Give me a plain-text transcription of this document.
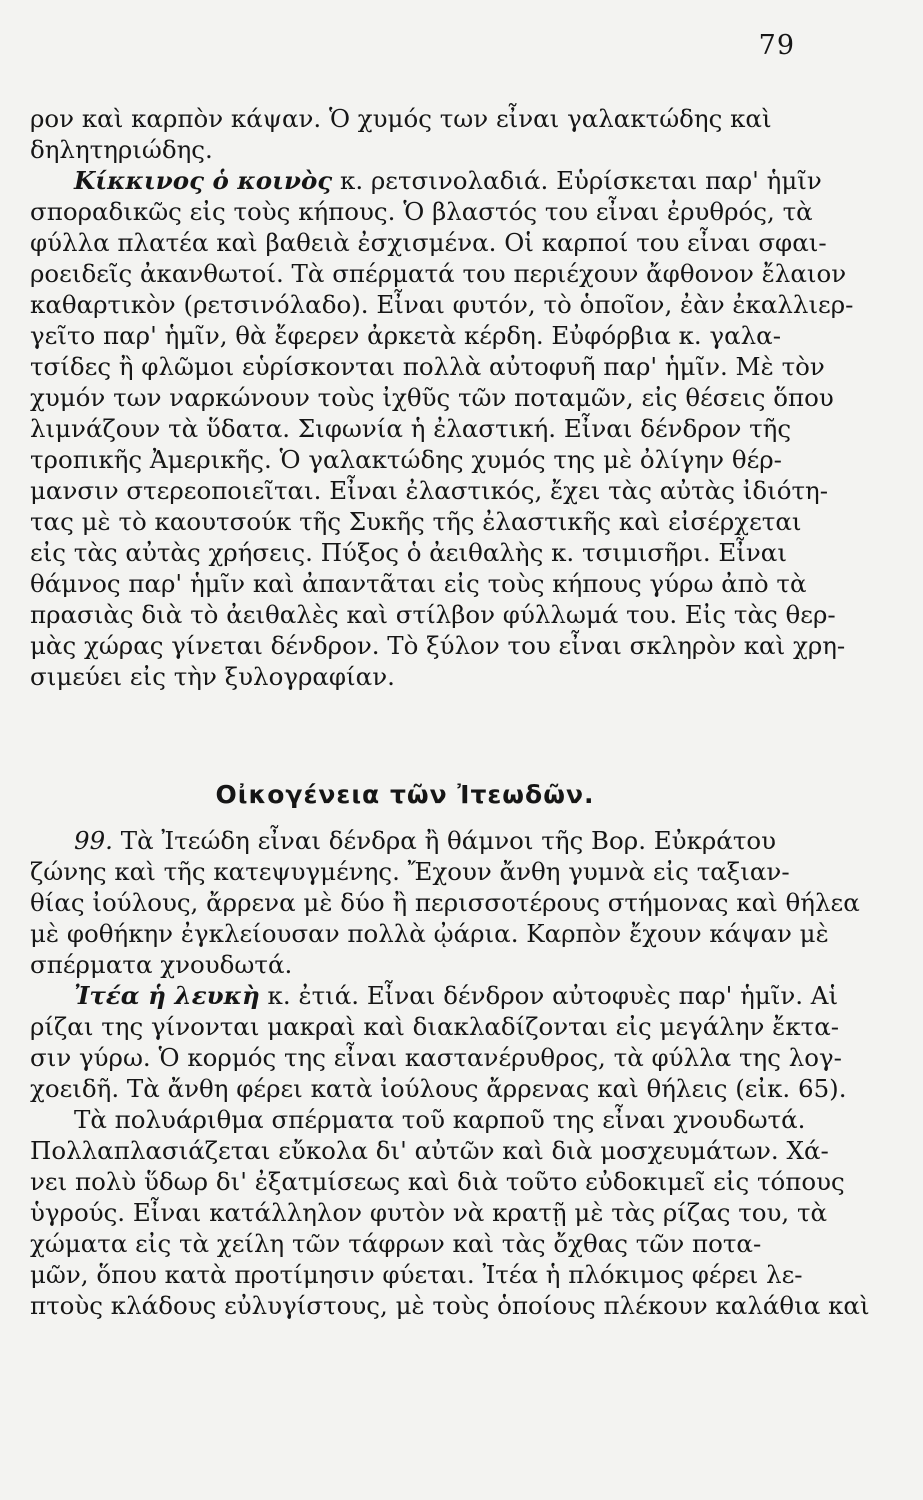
79
ρον καὶ καρπὸν κάψαν. Ὁ χυμός των εἶναι γαλακτώδης καὶ
δηλητηριώδης.
Κίκκινος ὁ κοινὸς κ. ρετσινολαδιά. Εὑρίσκεται παρ' ἡμῖν
σποραδικῶς εἰς τοὺς κήπους. Ὁ βλαστός του εἶναι ἐρυθρός, τὰ
φύλλα πλατέα καὶ βαθειὰ ἐσχισμένα. Οἱ καρποί του εἶναι σφαι-
ροειδεῖς ἀκανθωτοί. Τὰ σπέρματά του περιέχουν ἄφθονον ἔλαιον
καθαρτικὸν (ρετσινόλαδο). Εἶναι φυτόν, τὸ ὁποῖον, ἐὰν ἐκαλλιερ-
γεῖτο παρ' ἡμῖν, θὰ ἔφερεν ἀρκετὰ κέρδη. Εὐφόρβια κ. γαλα-
τσίδες ἢ φλῶμοι εὑρίσκονται πολλὰ αὐτοφυῆ παρ' ἡμῖν. Μὲ τὸν
χυμόν των ναρκώνουν τοὺς ἰχθῦς τῶν ποταμῶν, εἰς θέσεις ὅπου
λιμνάζουν τὰ ὕδατα. Σιφωνία ἡ ἐλαστική. Εἶναι δένδρον τῆς
τροπικῆς Ἀμερικῆς. Ὁ γαλακτώδης χυμός της μὲ ὀλίγην θέρ-
μανσιν στερεοποιεῖται. Εἶναι ἐλαστικός, ἔχει τὰς αὐτὰς ἰδιότη-
τας μὲ τὸ καουτσούκ τῆς Συκῆς τῆς ἐλαστικῆς καὶ εἰσέρχεται
εἰς τὰς αὐτὰς χρήσεις. Πύξος ὁ ἀειθαλὴς κ. τσιμισῆρι. Εἶναι
θάμνος παρ' ἡμῖν καὶ ἀπαντᾶται εἰς τοὺς κήπους γύρω ἀπὸ τὰ
πρασιὰς διὰ τὸ ἀειθαλὲς καὶ στίλβον φύλλωμά του. Εἰς τὰς θερ-
μὰς χώρας γίνεται δένδρον. Τὸ ξύλον του εἶναι σκληρὸν καὶ χρη-
σιμεύει εἰς τὴν ξυλογραφίαν.
Οἰκογένεια τῶν Ἰτεωδῶν.
99. Τὰ Ἰτεώδη εἶναι δένδρα ἢ θάμνοι τῆς Βορ. Εὐκράτου
ζώνης καὶ τῆς κατεψυγμένης. Ἔχουν ἄνθη γυμνὰ εἰς ταξιαν-
θίας ἰούλους, ἄρρενα μὲ δύο ἢ περισσοτέρους στήμονας καὶ θήλεα
μὲ φοθήκην ἐγκλείουσαν πολλὰ ᾠάρια. Καρπὸν ἔχουν κάψαν μὲ
σπέρματα χνουδωτά.
Ἰτέα ἡ λευκὴ κ. ἐτιά. Εἶναι δένδρον αὐτοφυὲς παρ' ἡμῖν. Αἱ
ρίζαι της γίνονται μακραὶ καὶ διακλαδίζονται εἰς μεγάλην ἔκτα-
σιν γύρω. Ὁ κορμός της εἶναι καστανέρυθρος, τὰ φύλλα της λογ-
χοειδῆ. Τὰ ἄνθη φέρει κατὰ ἰούλους ἄρρενας καὶ θήλεις (εἰκ. 65).
Τὰ πολυάριθμα σπέρματα τοῦ καρποῦ της εἶναι χνουδωτά.
Πολλαπλασιάζεται εὔκολα δι' αὐτῶν καὶ διὰ μοσχευμάτων. Χά-
νει πολὺ ὕδωρ δι' ἐξατμίσεως καὶ διὰ τοῦτο εὐδοκιμεῖ εἰς τόπους
ὑγρούς. Εἶναι κατάλληλον φυτὸν νὰ κρατῇ μὲ τὰς ρίζας του, τὰ
χώματα εἰς τὰ χείλη τῶν τάφρων καὶ τὰς ὄχθας τῶν ποτα-
μῶν, ὅπου κατὰ προτίμησιν φύεται. Ἰτέα ἡ πλόκιμος φέρει λε-
πτοὺς κλάδους εὐλυγίστους, μὲ τοὺς ὁποίους πλέκουν καλάθια καὶ
